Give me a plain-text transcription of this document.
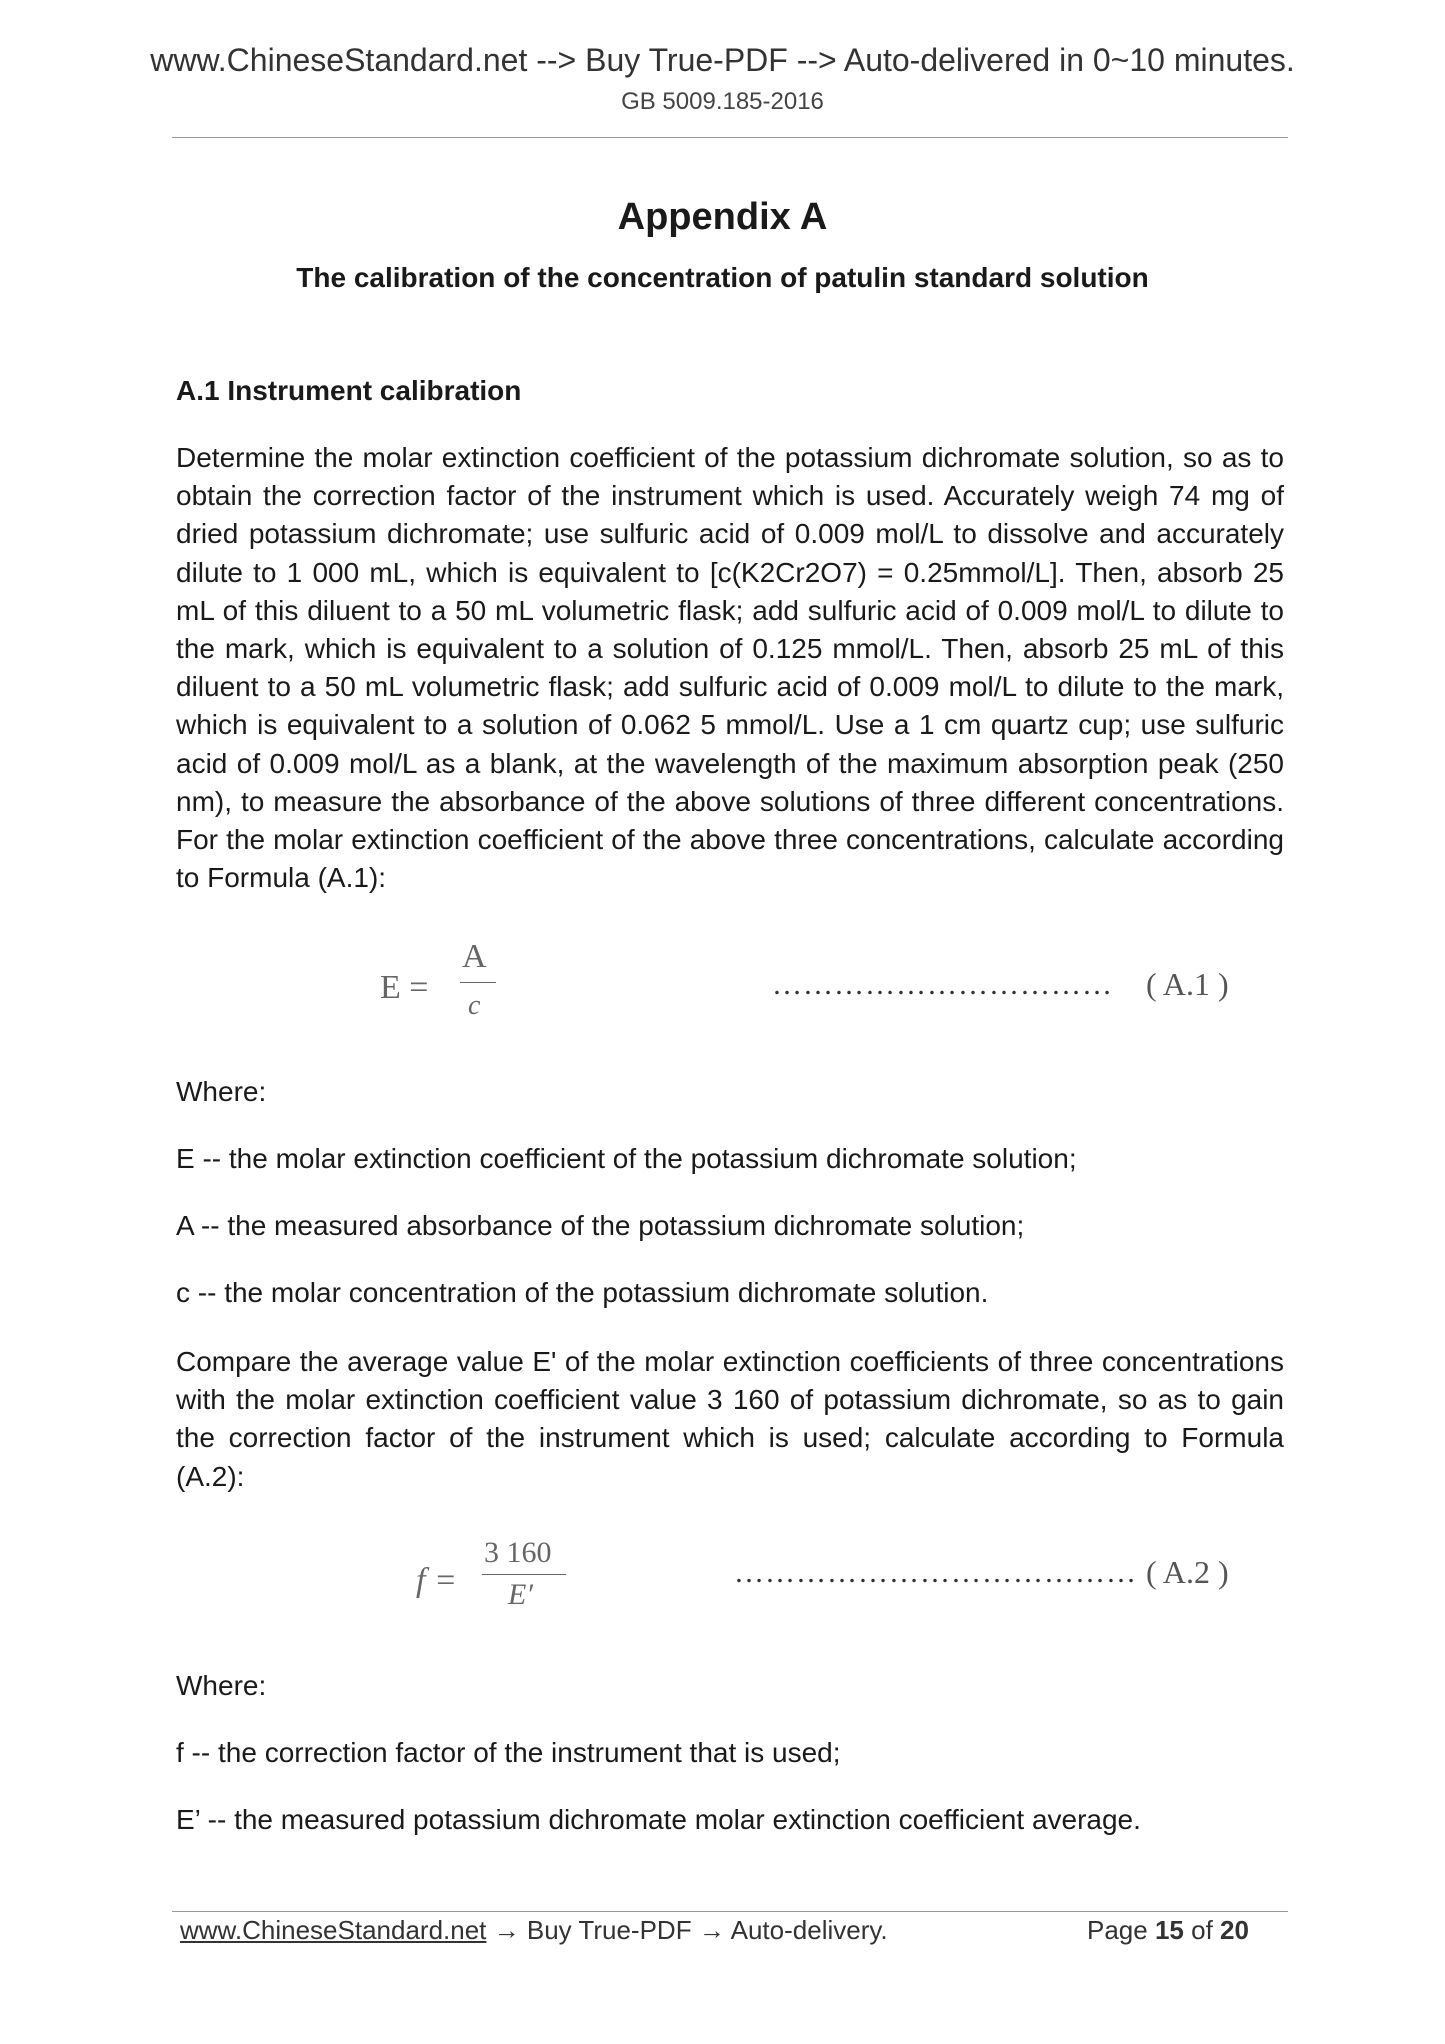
www.ChineseStandard.net --> Buy True-PDF --> Auto-delivered in 0~10 minutes.
GB 5009.185-2016
Appendix A
The calibration of the concentration of patulin standard solution
A.1 Instrument calibration
Determine the molar extinction coefficient of the potassium dichromate solution, so as to obtain the correction factor of the instrument which is used. Accurately weigh 74 mg of dried potassium dichromate; use sulfuric acid of 0.009 mol/L to dissolve and accurately dilute to 1 000 mL, which is equivalent to [c(K2Cr2O7) = 0.25mmol/L]. Then, absorb 25 mL of this diluent to a 50 mL volumetric flask; add sulfuric acid of 0.009 mol/L to dilute to the mark, which is equivalent to a solution of 0.125 mmol/L. Then, absorb 25 mL of this diluent to a 50 mL volumetric flask; add sulfuric acid of 0.009 mol/L to dilute to the mark, which is equivalent to a solution of 0.062 5 mmol/L. Use a 1 cm quartz cup; use sulfuric acid of 0.009 mol/L as a blank, at the wavelength of the maximum absorption peak (250 nm), to measure the absorbance of the above solutions of three different concentrations. For the molar extinction coefficient of the above three concentrations, calculate according to Formula (A.1):
E =
A
c
…………………………… ( A.1 )
Where:
E -- the molar extinction coefficient of the potassium dichromate solution;
A -- the measured absorbance of the potassium dichromate solution;
c -- the molar concentration of the potassium dichromate solution.
Compare the average value E' of the molar extinction coefficients of three concentrations with the molar extinction coefficient value 3 160 of potassium dichromate, so as to gain the correction factor of the instrument which is used; calculate according to Formula (A.2):
f =
3 160
E′
………………………………… ( A.2 )
Where:
f -- the correction factor of the instrument that is used;
E’ -- the measured potassium dichromate molar extinction coefficient average.
www.ChineseStandard.net → Buy True-PDF → Auto-delivery.	Page 15 of 20
